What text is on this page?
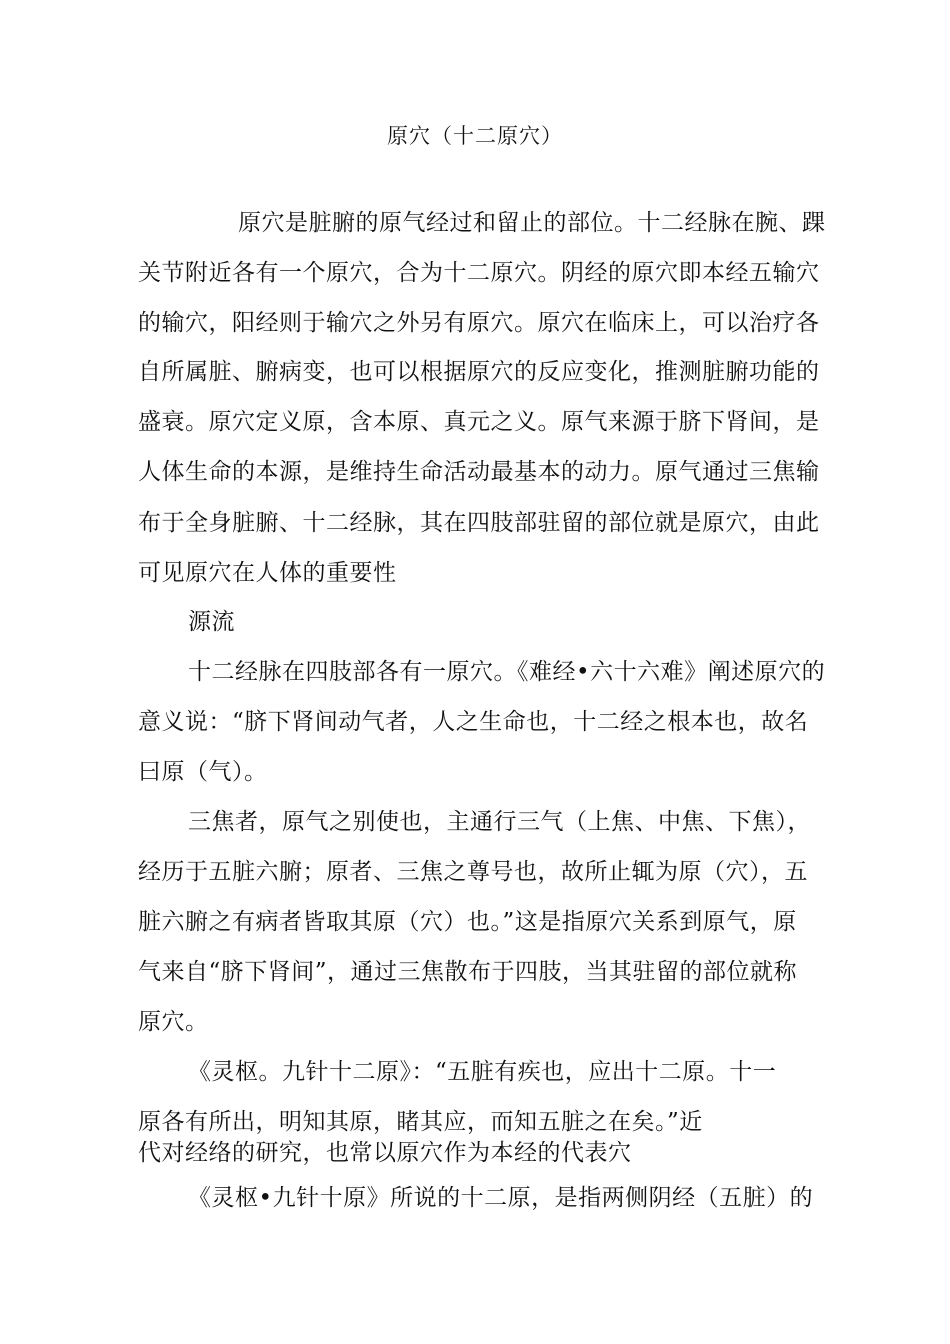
原穴（十二原穴）

原穴是脏腑的原气经过和留止的部位。十二经脉在腕、踝

关节附近各有一个原穴，合为十二原穴。阴经的原穴即本经五输穴

的输穴，阳经则于输穴之外另有原穴。原穴在临床上，可以治疗各

自所属脏、腑病变，也可以根据原穴的反应变化，推测脏腑功能的

盛衰。原穴定义原，含本原、真元之义。原气来源于脐下肾间，是

人体生命的本源，是维持生命活动最基本的动力。原气通过三焦输

布于全身脏腑、十二经脉，其在四肢部驻留的部位就是原穴，由此

可见原穴在人体的重要性

源流

十二经脉在四肢部各有一原穴。《难经•六十六难》阐述原穴的

意义说：“脐下肾间动气者，人之生命也，十二经之根本也，故名

曰原（气）。

三焦者，原气之别使也，主通行三气（上焦、中焦、下焦），

经历于五脏六腑；原者、三焦之尊号也，故所止辄为原（穴），五

脏六腑之有病者皆取其原（穴）也。”这是指原穴关系到原气，原

气来自“脐下肾间”，通过三焦散布于四肢，当其驻留的部位就称

原穴。

《灵枢。九针十二原》：“五脏有疾也，应出十二原。十一

原各有所出，明知其原，睹其应，而知五脏之在矣。”近

代对经络的研究，也常以原穴作为本经的代表穴

《灵枢•九针十原》所说的十二原，是指两侧阴经（五脏）的
